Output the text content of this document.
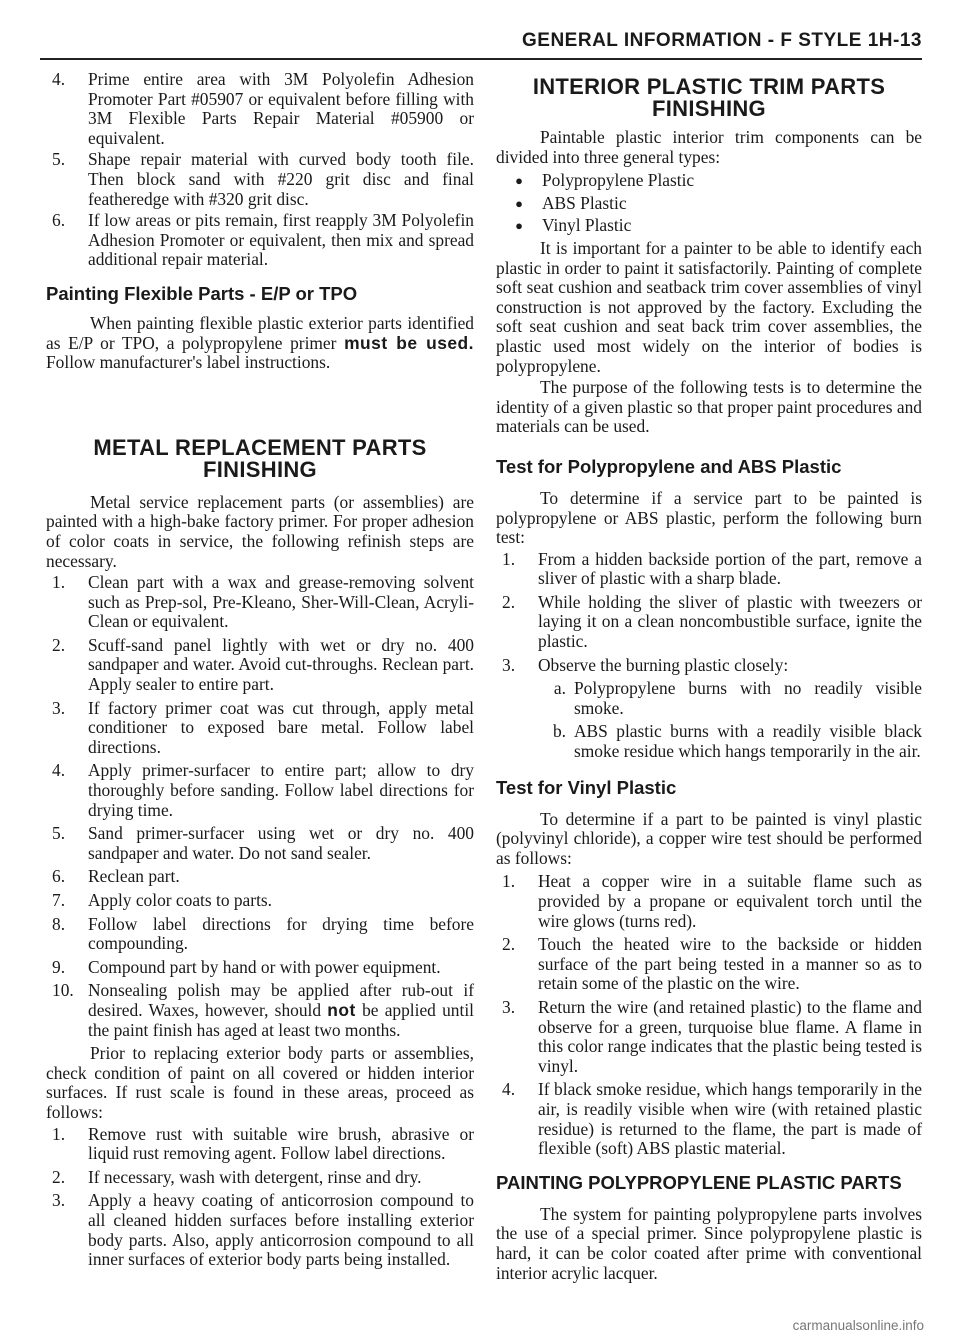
GENERAL INFORMATION - F STYLE 1H-13
4.	Prime entire area with 3M Polyolefin Adhesion Promoter Part #05907 or equivalent before filling with 3M Flexible Parts Repair Material #05900 or equivalent.
5.	Shape repair material with curved body tooth file. Then block sand with #220 grit disc and final featheredge with #320 grit disc.
6.	If low areas or pits remain, first reapply 3M Polyolefin Adhesion Promoter or equivalent, then mix and spread additional repair material.
Painting Flexible Parts - E/P or TPO

When painting flexible plastic exterior parts identified as E/P or TPO, a polypropylene primer must be used. Follow manufacturer's label instructions.

METAL REPLACEMENT PARTS
FINISHING

Metal service replacement parts (or assemblies) are painted with a high-bake factory primer. For proper adhesion of color coats in service, the following refinish steps are necessary.

1.	Clean part with a wax and grease-removing solvent such as Prep-sol, Pre-Kleano, Sher-Will-Clean, Acryli-Clean or equivalent.
2.	Scuff-sand panel lightly with wet or dry no. 400 sandpaper and water. Avoid cut-throughs. Reclean part. Apply sealer to entire part.
3.	If factory primer coat was cut through, apply metal conditioner to exposed bare metal. Follow label directions.
4.	Apply primer-surfacer to entire part; allow to dry thoroughly before sanding. Follow label directions for drying time.
5.	Sand primer-surfacer using wet or dry no. 400 sandpaper and water. Do not sand sealer.
6.	Reclean part.
7.	Apply color coats to parts.
8.	Follow label directions for drying time before compounding.
9.	Compound part by hand or with power equipment.
10. Nonsealing polish may be applied after rub-out if desired. Waxes, however, should not be applied until the paint finish has aged at least two months.

Prior to replacing exterior body parts or assemblies, check condition of paint on all covered or hidden interior surfaces. If rust scale is found in these areas, proceed as follows:

1.	Remove rust with suitable wire brush, abrasive or liquid rust removing agent. Follow label directions.
2.	If necessary, wash with detergent, rinse and dry.
3.	Apply a heavy coating of anticorrosion compound to all cleaned hidden surfaces before installing exterior body parts. Also, apply anticorrosion compound to all inner surfaces of exterior body parts being installed.
INTERIOR PLASTIC TRIM PARTS
FINISHING

Paintable plastic interior trim components can be divided into three general types:

●	Polypropylene Plastic
●	ABS Plastic
●	Vinyl Plastic

It is important for a painter to be able to identify each plastic in order to paint it satisfactorily. Painting of complete soft seat cushion and seatback trim cover assemblies of vinyl construction is not approved by the factory. Excluding the soft seat cushion and seat back trim cover assemblies, the plastic used most widely on the interior of bodies is polypropylene.

The purpose of the following tests is to determine the identity of a given plastic so that proper paint procedures and materials can be used.

Test for Polypropylene and ABS Plastic

To determine if a service part to be painted is polypropylene or ABS plastic, perform the following burn test:

1.	From a hidden backside portion of the part, remove a sliver of plastic with a sharp blade.
2.	While holding the sliver of plastic with tweezers or laying it on a clean noncombustible surface, ignite the plastic.
3.	Observe the burning plastic closely:
a. Polypropylene burns with no readily visible smoke.
b. ABS plastic burns with a readily visible black smoke residue which hangs temporarily in the air.
Test for Vinyl Plastic

To determine if a part to be painted is vinyl plastic (polyvinyl chloride), a copper wire test should be performed as follows:

1.	Heat a copper wire in a suitable flame such as provided by a propane or equivalent torch until the wire glows (turns red).
2.	Touch the heated wire to the backside or hidden surface of the part being tested in a manner so as to retain some of the plastic on the wire.
3.	Return the wire (and retained plastic) to the flame and observe for a green, turquoise blue flame. A flame in this color range indicates that the plastic being tested is vinyl.
4.	If black smoke residue, which hangs temporarily in the air, is readily visible when wire (with retained plastic residue) is returned to the flame, the part is made of flexible (soft) ABS plastic material.
PAINTING POLYPROPYLENE PLASTIC PARTS

The system for painting polypropylene parts involves the use of a special primer. Since polypropylene plastic is hard, it can be color coated after prime with conventional interior acrylic lacquer.

carmanualsonline.info
